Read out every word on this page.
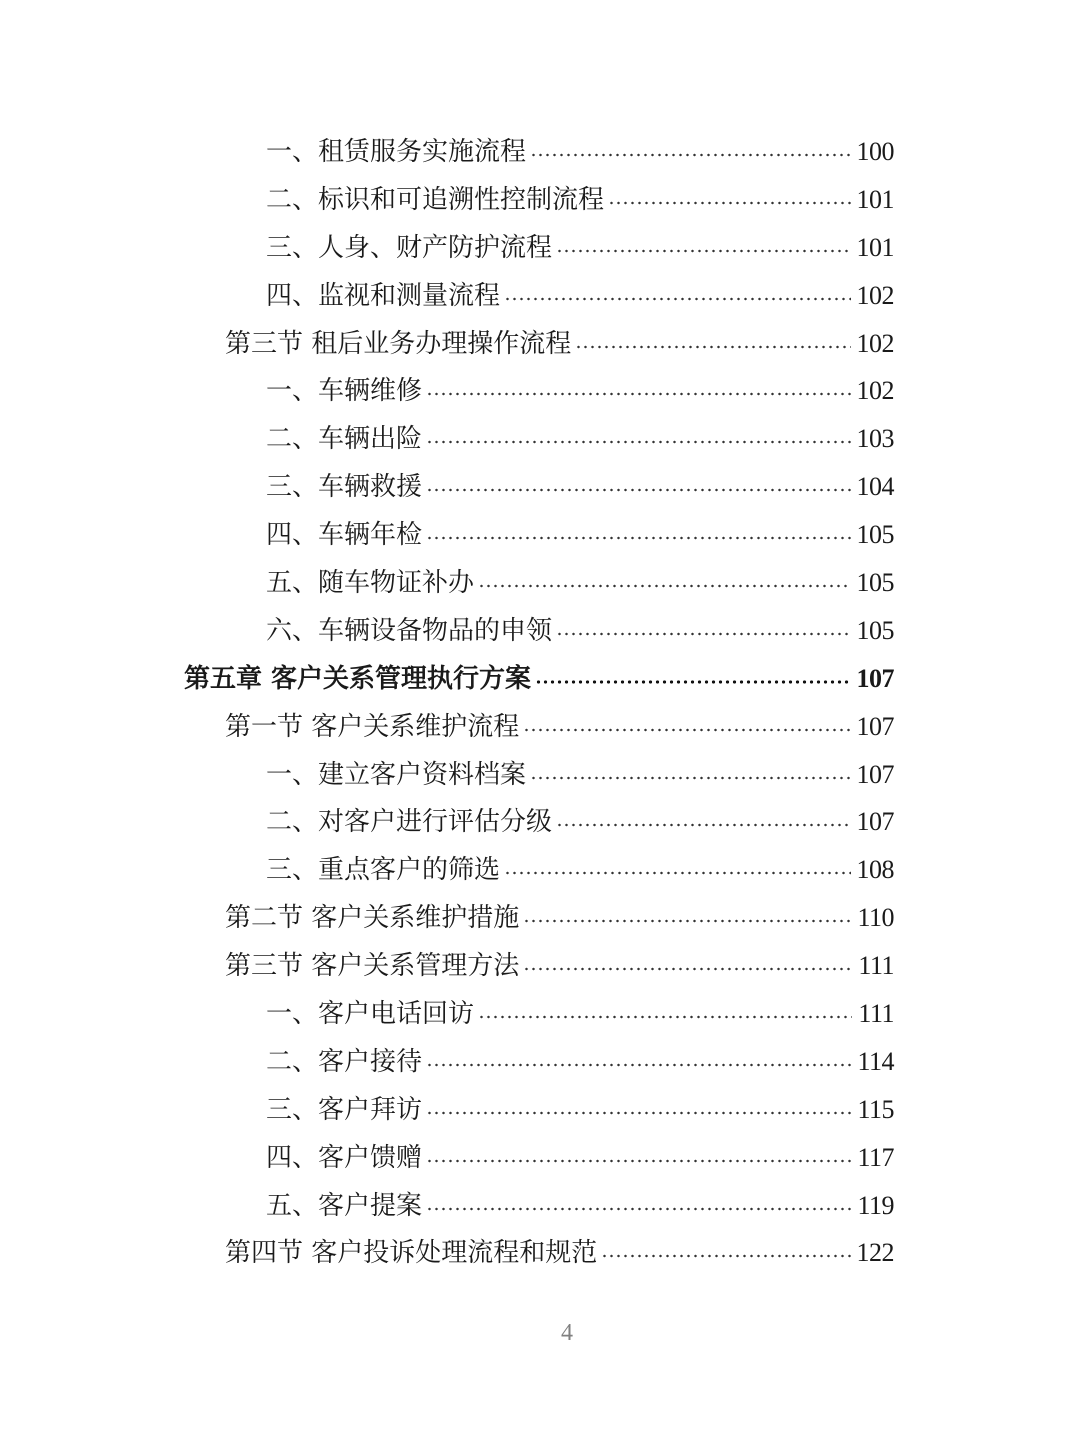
一、租赁服务实施流程	100
二、标识和可追溯性控制流程	101
三、人身、财产防护流程	101
四、监视和测量流程	102
第三节 租后业务办理操作流程	102
一、车辆维修	102
二、车辆出险	103
三、车辆救援	104
四、车辆年检	105
五、随车物证补办	105
六、车辆设备物品的申领	105
第五章 客户关系管理执行方案	107
第一节 客户关系维护流程	107
一、建立客户资料档案	107
二、对客户进行评估分级	107
三、重点客户的筛选	108
第二节 客户关系维护措施	110
第三节 客户关系管理方法	111
一、客户电话回访	111
二、客户接待	114
三、客户拜访	115
四、客户馈赠	117
五、客户提案	119
第四节 客户投诉处理流程和规范	122
4
